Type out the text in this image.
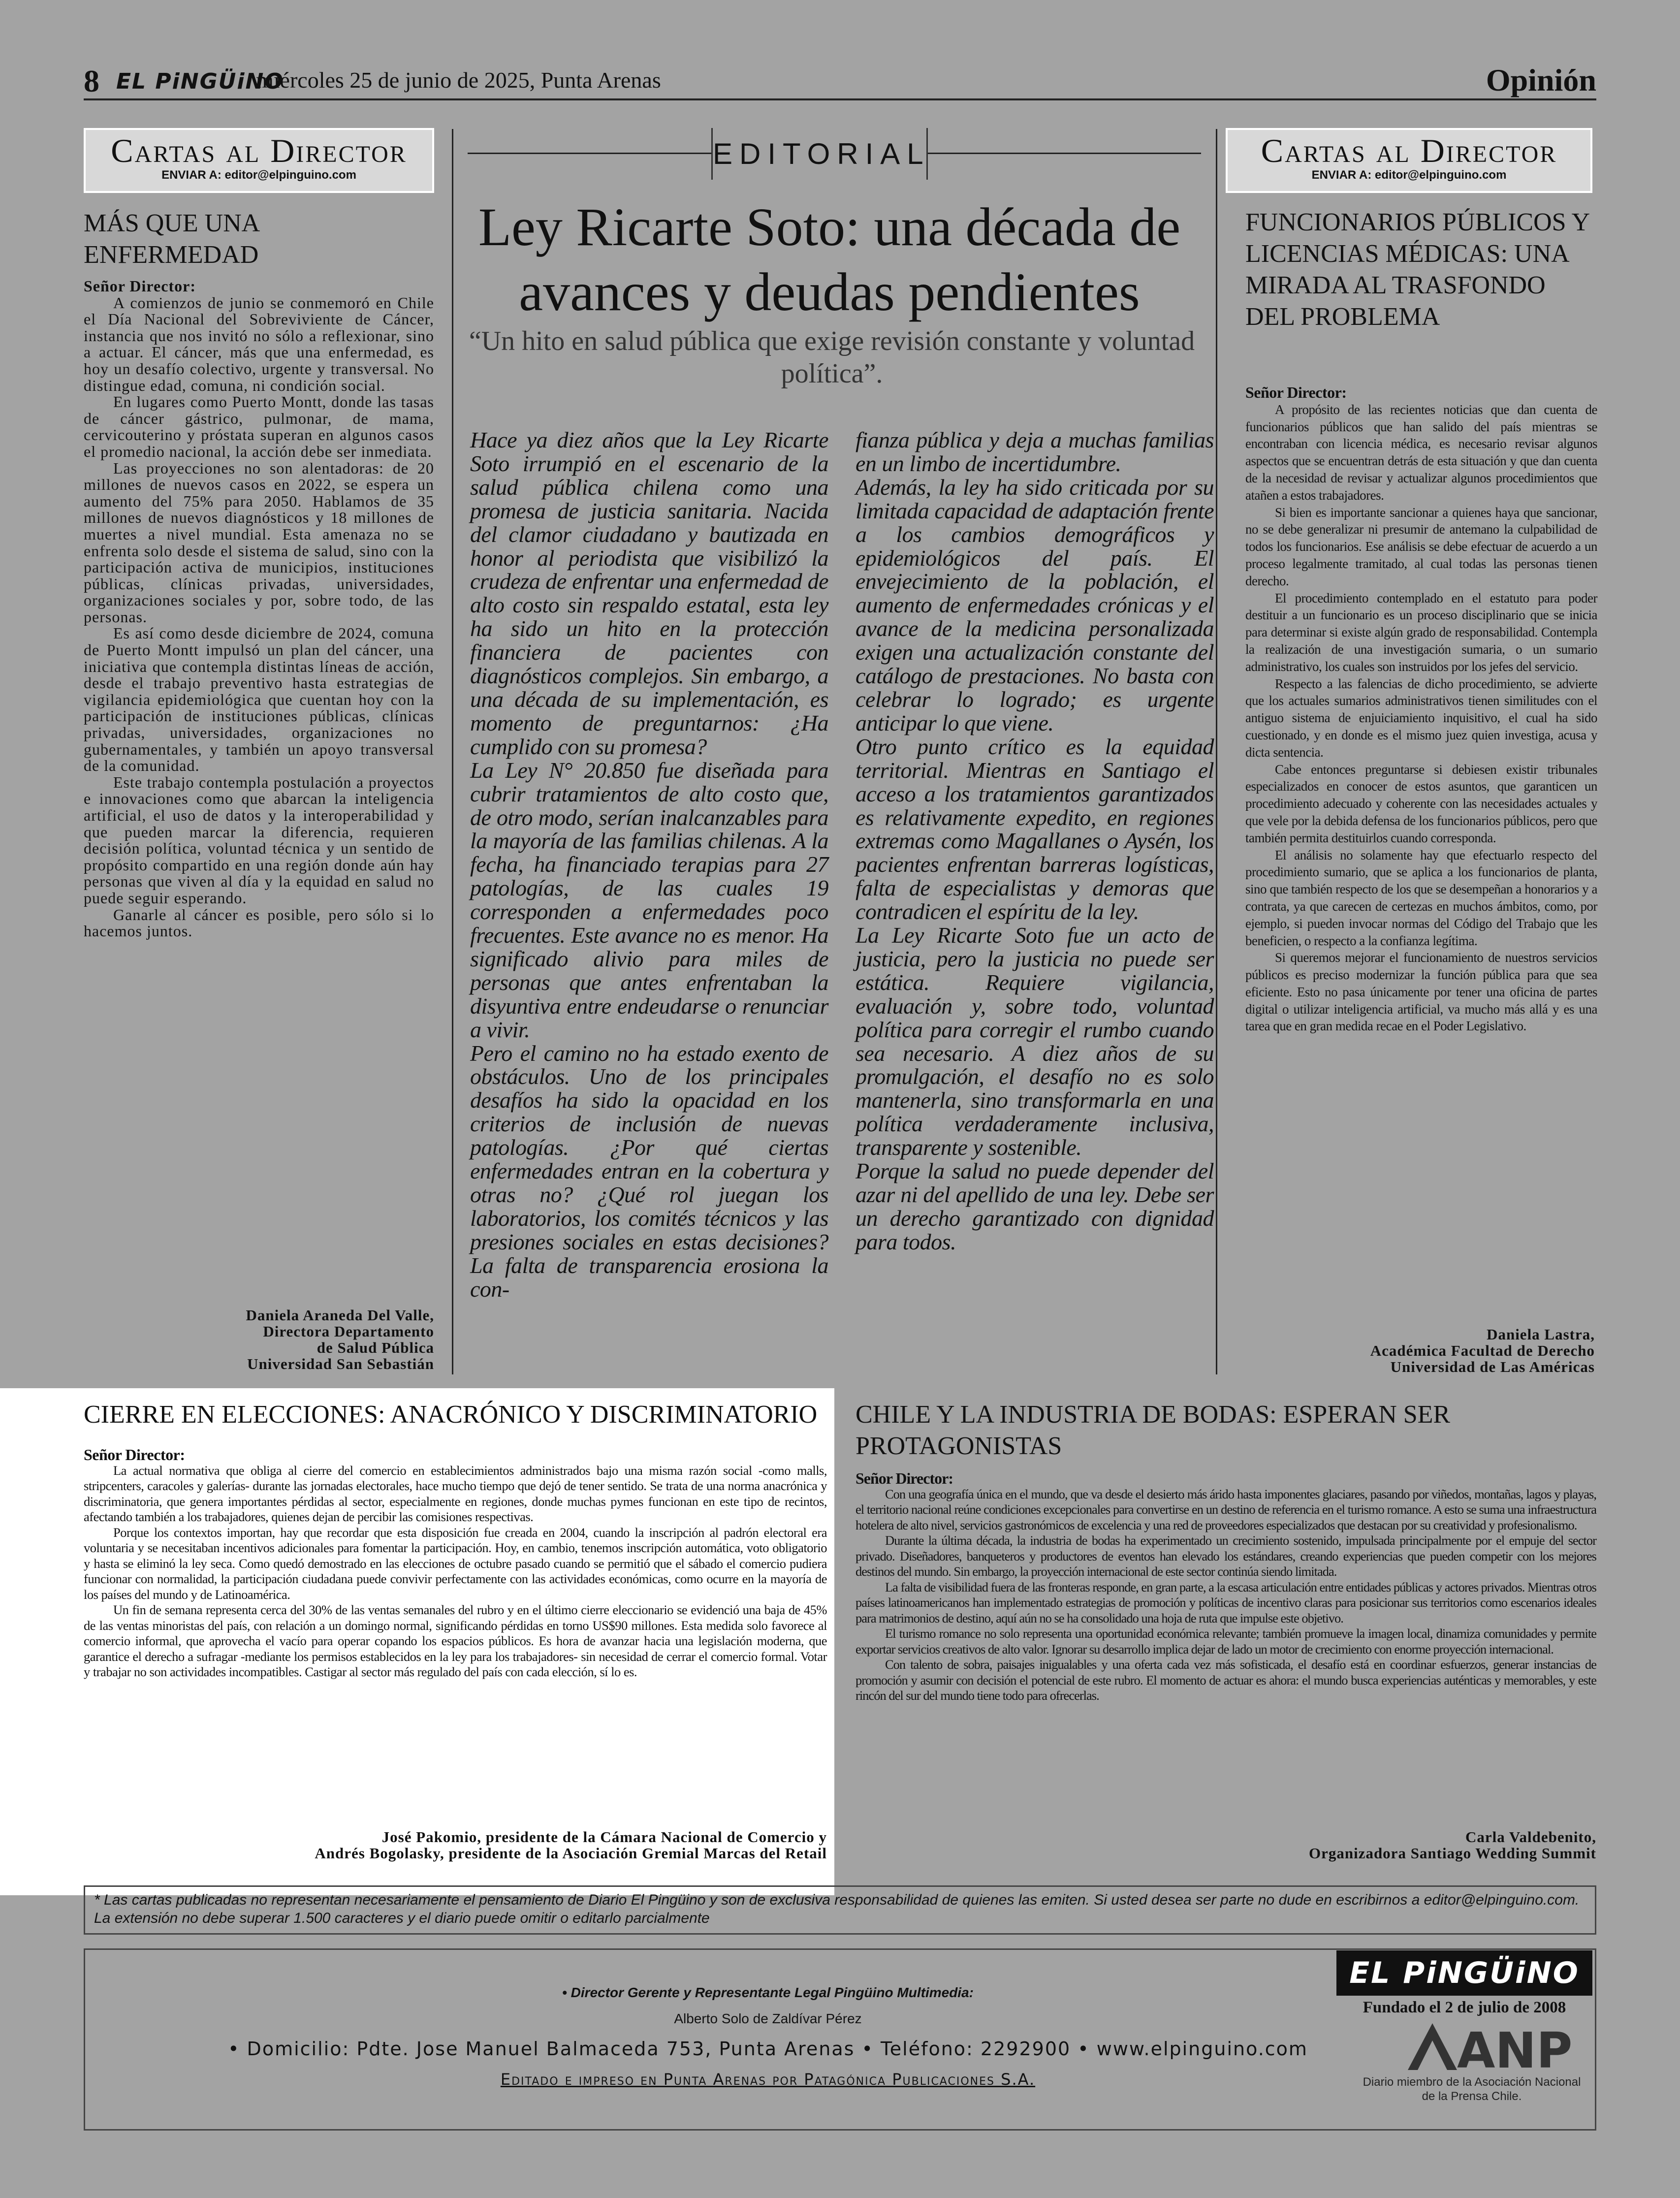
8 EL PiNGÜiNO
miércoles 25 de junio de 2025, Punta Arenas	Opinión
Cartas al Director
ENVIAR A: editor@elpinguino.com
MÁS QUE UNA ENFERMEDAD
Señor Director:

A comienzos de junio se conmemoró en Chile el Día Nacional del Sobreviviente de Cáncer, instancia que nos invitó no sólo a reflexionar, sino a actuar. El cáncer, más que una enfermedad, es hoy un desafío colectivo, urgente y transversal. No distingue edad, comuna, ni condición social.

En lugares como Puerto Montt, donde las tasas de cáncer gástrico, pulmonar, de mama, cervicouterino y próstata superan en algunos casos el promedio nacional, la acción debe ser inmediata.

Las proyecciones no son alentadoras: de 20 millones de nuevos casos en 2022, se espera un aumento del 75% para 2050. Hablamos de 35 millones de nuevos diagnósticos y 18 millones de muertes a nivel mundial. Esta amenaza no se enfrenta solo desde el sistema de salud, sino con la participación activa de municipios, instituciones públicas, clínicas privadas, universidades, organizaciones sociales y por, sobre todo, de las personas.

Es así como desde diciembre de 2024, comuna de Puerto Montt impulsó un plan del cáncer, una iniciativa que contempla distintas líneas de acción, desde el trabajo preventivo hasta estrategias de vigilancia epidemiológica que cuentan hoy con la participación de instituciones públicas, clínicas privadas, universidades, organizaciones no gubernamentales, y también un apoyo transversal de la comunidad.

Este trabajo contempla postulación a proyectos e innovaciones como que abarcan la inteligencia artificial, el uso de datos y la interoperabilidad y que pueden marcar la diferencia, requieren decisión política, voluntad técnica y un sentido de propósito compartido en una región donde aún hay personas que viven al día y la equidad en salud no puede seguir esperando.

Ganarle al cáncer es posible, pero sólo si lo hacemos juntos.

Daniela Araneda Del Valle,
Directora Departamento
de Salud Pública
Universidad San Sebastián
EDITORIAL
Ley Ricarte Soto: una década de avances y deudas pendientes
“Un hito en salud pública que exige revisión constante y voluntad política”.

Hace ya diez años que la Ley Ricarte Soto irrumpió en el escenario de la salud pública chilena como una promesa de justicia sanitaria. Nacida del clamor ciudadano y bautizada en honor al periodista que visibilizó la crudeza de enfrentar una enfermedad de alto costo sin respaldo estatal, esta ley ha sido un hito en la protección financiera de pacientes con diagnósticos complejos. Sin embargo, a una década de su implementación, es momento de preguntarnos: ¿Ha cumplido con su promesa?

La Ley N° 20.850 fue diseñada para cubrir tratamientos de alto costo que, de otro modo, serían inalcanzables para la mayoría de las familias chilenas. A la fecha, ha financiado terapias para 27 patologías, de las cuales 19 corresponden a enfermedades poco frecuentes. Este avance no es menor. Ha significado alivio para miles de personas que antes enfrentaban la disyuntiva entre endeudarse o renunciar a vivir.

Pero el camino no ha estado exento de obstáculos. Uno de los principales desafíos ha sido la opacidad en los criterios de inclusión de nuevas patologías. ¿Por qué ciertas enfermedades entran en la cobertura y otras no? ¿Qué rol juegan los laboratorios, los comités técnicos y las presiones sociales en estas decisiones? La falta de transparencia erosiona la con-

fianza pública y deja a muchas familias en un limbo de incertidumbre.

Además, la ley ha sido criticada por su limitada capacidad de adaptación frente a los cambios demográficos y epidemiológicos del país. El envejecimiento de la población, el aumento de enfermedades crónicas y el avance de la medicina personalizada exigen una actualización constante del catálogo de prestaciones. No basta con celebrar lo logrado; es urgente anticipar lo que viene.

Otro punto crítico es la equidad territorial. Mientras en Santiago el acceso a los tratamientos garantizados es relativamente expedito, en regiones extremas como Magallanes o Aysén, los pacientes enfrentan barreras logísticas, falta de especialistas y demoras que contradicen el espíritu de la ley.

La Ley Ricarte Soto fue un acto de justicia, pero la justicia no puede ser estática. Requiere vigilancia, evaluación y, sobre todo, voluntad política para corregir el rumbo cuando sea necesario. A diez años de su promulgación, el desafío no es solo mantenerla, sino transformarla en una política verdaderamente inclusiva, transparente y sostenible.

Porque la salud no puede depender del azar ni del apellido de una ley. Debe ser un derecho garantizado con dignidad para todos.

Cartas al Director
ENVIAR A: editor@elpinguino.com
FUNCIONARIOS PÚBLICOS Y LICENCIAS MÉDICAS: UNA MIRADA AL TRASFONDO DEL PROBLEMA
Señor Director:

A propósito de las recientes noticias que dan cuenta de funcionarios públicos que han salido del país mientras se encontraban con licencia médica, es necesario revisar algunos aspectos que se encuentran detrás de esta situación y que dan cuenta de la necesidad de revisar y actualizar algunos procedimientos que atañen a estos trabajadores.

Si bien es importante sancionar a quienes haya que sancionar, no se debe generalizar ni presumir de antemano la culpabilidad de todos los funcionarios. Ese análisis se debe efectuar de acuerdo a un proceso legalmente tramitado, al cual todas las personas tienen derecho.

El procedimiento contemplado en el estatuto para poder destituir a un funcionario es un proceso disciplinario que se inicia para determinar si existe algún grado de responsabilidad. Contempla la realización de una investigación sumaria, o un sumario administrativo, los cuales son instruidos por los jefes del servicio.

Respecto a las falencias de dicho procedimiento, se advierte que los actuales sumarios administrativos tienen similitudes con el antiguo sistema de enjuiciamiento inquisitivo, el cual ha sido cuestionado, y en donde es el mismo juez quien investiga, acusa y dicta sentencia.

Cabe entonces preguntarse si debiesen existir tribunales especializados en conocer de estos asuntos, que garanticen un procedimiento adecuado y coherente con las necesidades actuales y que vele por la debida defensa de los funcionarios públicos, pero que también permita destituirlos cuando corresponda.

El análisis no solamente hay que efectuarlo respecto del procedimiento sumario, que se aplica a los funcionarios de planta, sino que también respecto de los que se desempeñan a honorarios y a contrata, ya que carecen de certezas en muchos ámbitos, como, por ejemplo, si pueden invocar normas del Código del Trabajo que les beneficien, o respecto a la confianza legítima.

Si queremos mejorar el funcionamiento de nuestros servicios públicos es preciso modernizar la función pública para que sea eficiente. Esto no pasa únicamente por tener una oficina de partes digital o utilizar inteligencia artificial, va mucho más allá y es una tarea que en gran medida recae en el Poder Legislativo.

Daniela Lastra,
Académica Facultad de Derecho
Universidad de Las Américas
CIERRE EN ELECCIONES: ANACRÓNICO Y DISCRIMINATORIO
Señor Director:

La actual normativa que obliga al cierre del comercio en establecimientos administrados bajo una misma razón social -como malls, stripcenters, caracoles y galerías- durante las jornadas electorales, hace mucho tiempo que dejó de tener sentido. Se trata de una norma anacrónica y discriminatoria, que genera importantes pérdidas al sector, especialmente en regiones, donde muchas pymes funcionan en este tipo de recintos, afectando también a los trabajadores, quienes dejan de percibir las comisiones respectivas.

Porque los contextos importan, hay que recordar que esta disposición fue creada en 2004, cuando la inscripción al padrón electoral era voluntaria y se necesitaban incentivos adicionales para fomentar la participación. Hoy, en cambio, tenemos inscripción automática, voto obligatorio y hasta se eliminó la ley seca. Como quedó demostrado en las elecciones de octubre pasado cuando se permitió que el sábado el comercio pudiera funcionar con normalidad, la participación ciudadana puede convivir perfectamente con las actividades económicas, como ocurre en la mayoría de los países del mundo y de Latinoamérica.

Un fin de semana representa cerca del 30% de las ventas semanales del rubro y en el último cierre eleccionario se evidenció una baja de 45% de las ventas minoristas del país, con relación a un domingo normal, significando pérdidas en torno US$90 millones. Esta medida solo favorece al comercio informal, que aprovecha el vacío para operar copando los espacios públicos. Es hora de avanzar hacia una legislación moderna, que garantice el derecho a sufragar -mediante los permisos establecidos en la ley para los trabajadores- sin necesidad de cerrar el comercio formal. Votar y trabajar no son actividades incompatibles. Castigar al sector más regulado del país con cada elección, sí lo es.

José Pakomio, presidente de la Cámara Nacional de Comercio y
Andrés Bogolasky, presidente de la Asociación Gremial Marcas del Retail
CHILE Y LA INDUSTRIA DE BODAS: ESPERAN SER PROTAGONISTAS
Señor Director:

Con una geografía única en el mundo, que va desde el desierto más árido hasta imponentes glaciares, pasando por viñedos, montañas, lagos y playas, el territorio nacional reúne condiciones excepcionales para convertirse en un destino de referencia en el turismo romance. A esto se suma una infraestructura hotelera de alto nivel, servicios gastronómicos de excelencia y una red de proveedores especializados que destacan por su creatividad y profesionalismo.

Durante la última década, la industria de bodas ha experimentado un crecimiento sostenido, impulsada principalmente por el empuje del sector privado. Diseñadores, banqueteros y productores de eventos han elevado los estándares, creando experiencias que pueden competir con los mejores destinos del mundo. Sin embargo, la proyección internacional de este sector continúa siendo limitada.

La falta de visibilidad fuera de las fronteras responde, en gran parte, a la escasa articulación entre entidades públicas y actores privados. Mientras otros países latinoamericanos han implementado estrategias de promoción y políticas de incentivo claras para posicionar sus territorios como escenarios ideales para matrimonios de destino, aquí aún no se ha consolidado una hoja de ruta que impulse este objetivo.

El turismo romance no solo representa una oportunidad económica relevante; también promueve la imagen local, dinamiza comunidades y permite exportar servicios creativos de alto valor. Ignorar su desarrollo implica dejar de lado un motor de crecimiento con enorme proyección internacional.

Con talento de sobra, paisajes inigualables y una oferta cada vez más sofisticada, el desafío está en coordinar esfuerzos, generar instancias de promoción y asumir con decisión el potencial de este rubro. El momento de actuar es ahora: el mundo busca experiencias auténticas y memorables, y este rincón del sur del mundo tiene todo para ofrecerlas.

Carla Valdebenito,
Organizadora Santiago Wedding Summit
* Las cartas publicadas no representan necesariamente el pensamiento de Diario El Pingüino y son de exclusiva responsabilidad de quienes las emiten. Si usted desea ser parte no dude en escribirnos a editor@elpinguino.com. La extensión no debe superar 1.500 caracteres y el diario puede omitir o editarlo parcialmente
• Director Gerente y Representante Legal Pingüino Multimedia:
Alberto Solo de Zaldívar Pérez
• Domicilio: Pdte. Jose Manuel Balmaceda 753, Punta Arenas • Teléfono: 2292900 • www.elpinguino.com
Editado e impreso en Punta Arenas por Patagónica Publicaciones S.A.
EL PiNGÜiNO
Fundado el 2 de julio de 2008
ANP
Diario miembro de la Asociación Nacional de la Prensa Chile.
